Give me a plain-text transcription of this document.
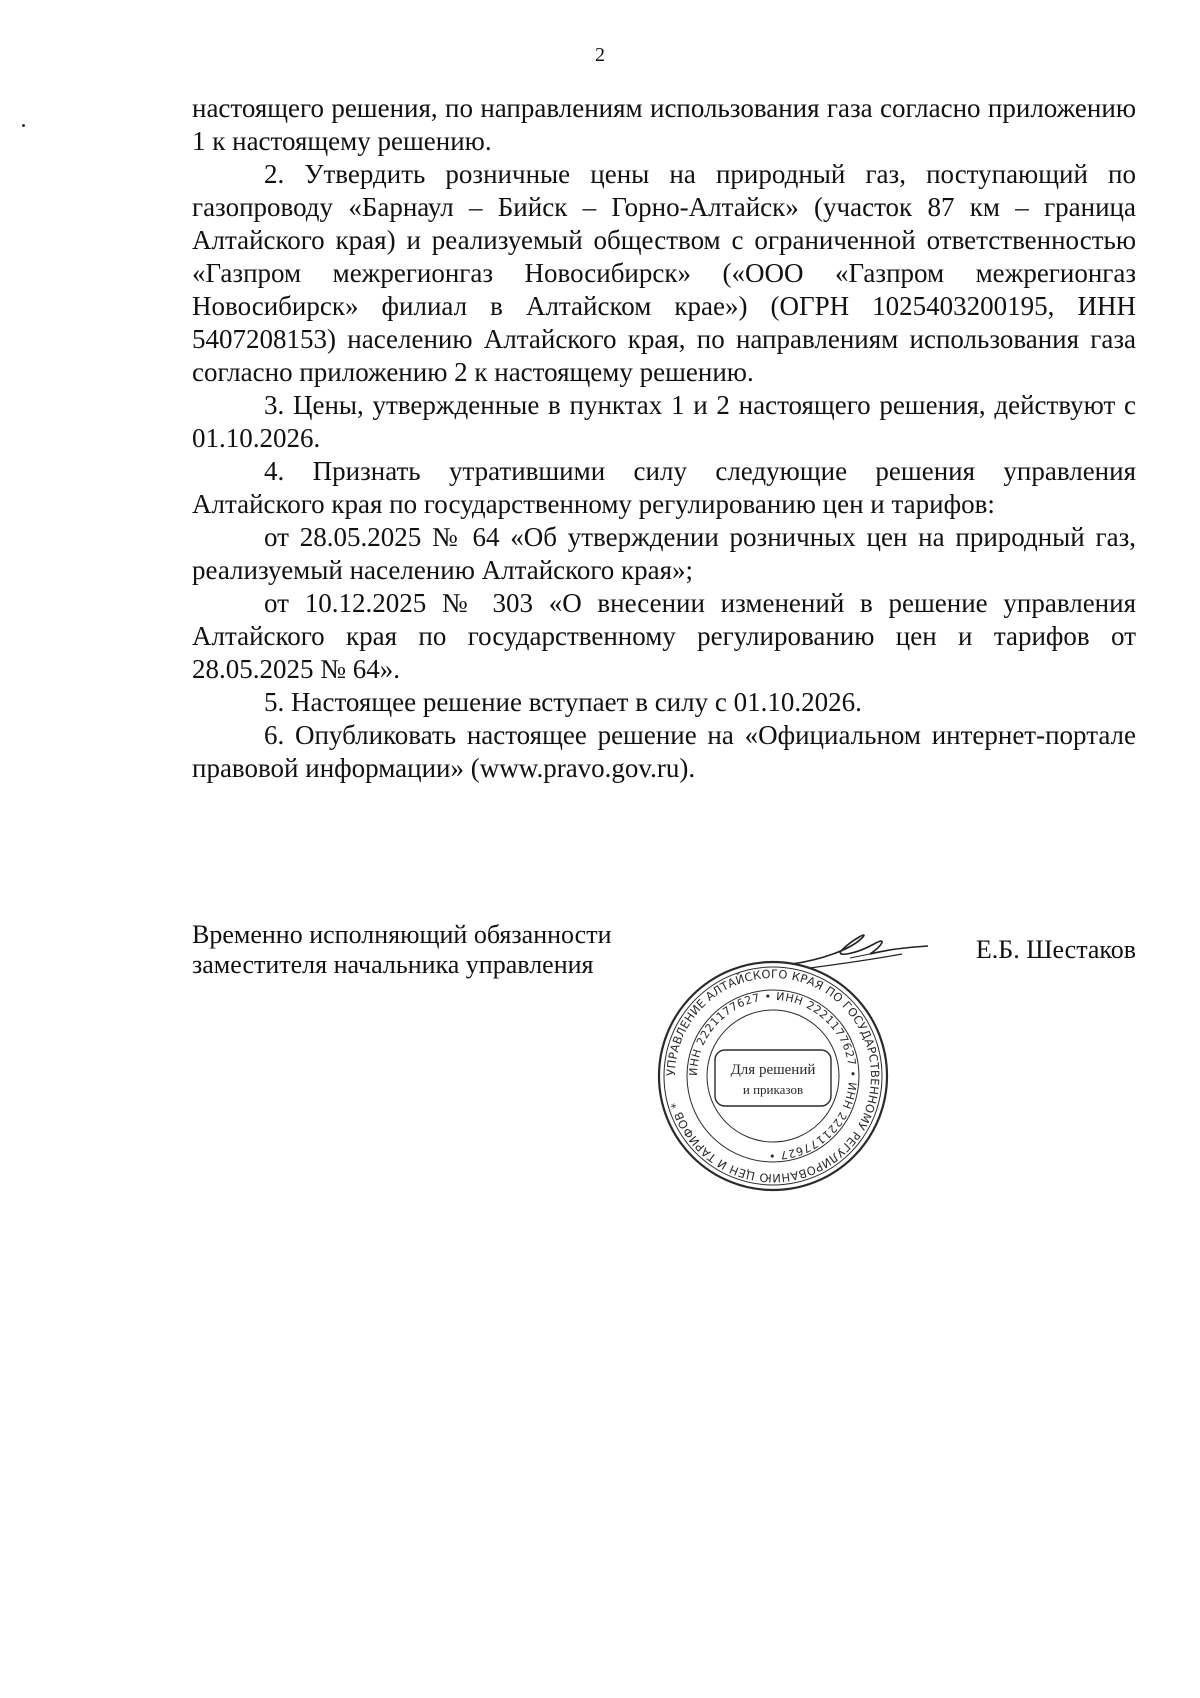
2

настоящего решения, по направлениям использования газа согласно приложению 1 к настоящему решению.

2. Утвердить розничные цены на природный газ, поступающий по газопроводу «Барнаул – Бийск – Горно-Алтайск» (участок 87 км – граница Алтайского края) и реализуемый обществом с ограниченной ответственностью «Газпром межрегионгаз Новосибирск» («ООО «Газпром межрегионгаз Новосибирск» филиал в Алтайском крае») (ОГРН 1025403200195, ИНН 5407208153) населению Алтайского края, по направлениям использования газа согласно приложению 2 к настоящему решению.

3. Цены, утвержденные в пунктах 1 и 2 настоящего решения, действуют с 01.10.2026.

4. Признать утратившими силу следующие решения управления Алтайского края по государственному регулированию цен и тарифов:

от 28.05.2025 № 64 «Об утверждении розничных цен на природный газ, реализуемый населению Алтайского края»;

от 10.12.2025 № 303 «О внесении изменений в решение управления Алтайского края по государственному регулированию цен и тарифов от 28.05.2025 № 64».

5. Настоящее решение вступает в силу с 01.10.2026.

6. Опубликовать настоящее решение на «Официальном интернет-портале правовой информации» (www.pravo.gov.ru).

Временно исполняющий обязанности
заместителя начальника управления
УПРАВЛЕНИЕ АЛТАЙСКОГО КРАЯ ПО ГОСУДАРСТВЕННОМУ РЕГУЛИРОВАНИЮ ЦЕН И ТАРИФОВ *
ИНН 2221177627 • ИНН 2221177627 • ИНН 2221177627 •
Для решений
и приказов
Е.Б. Шестаков
